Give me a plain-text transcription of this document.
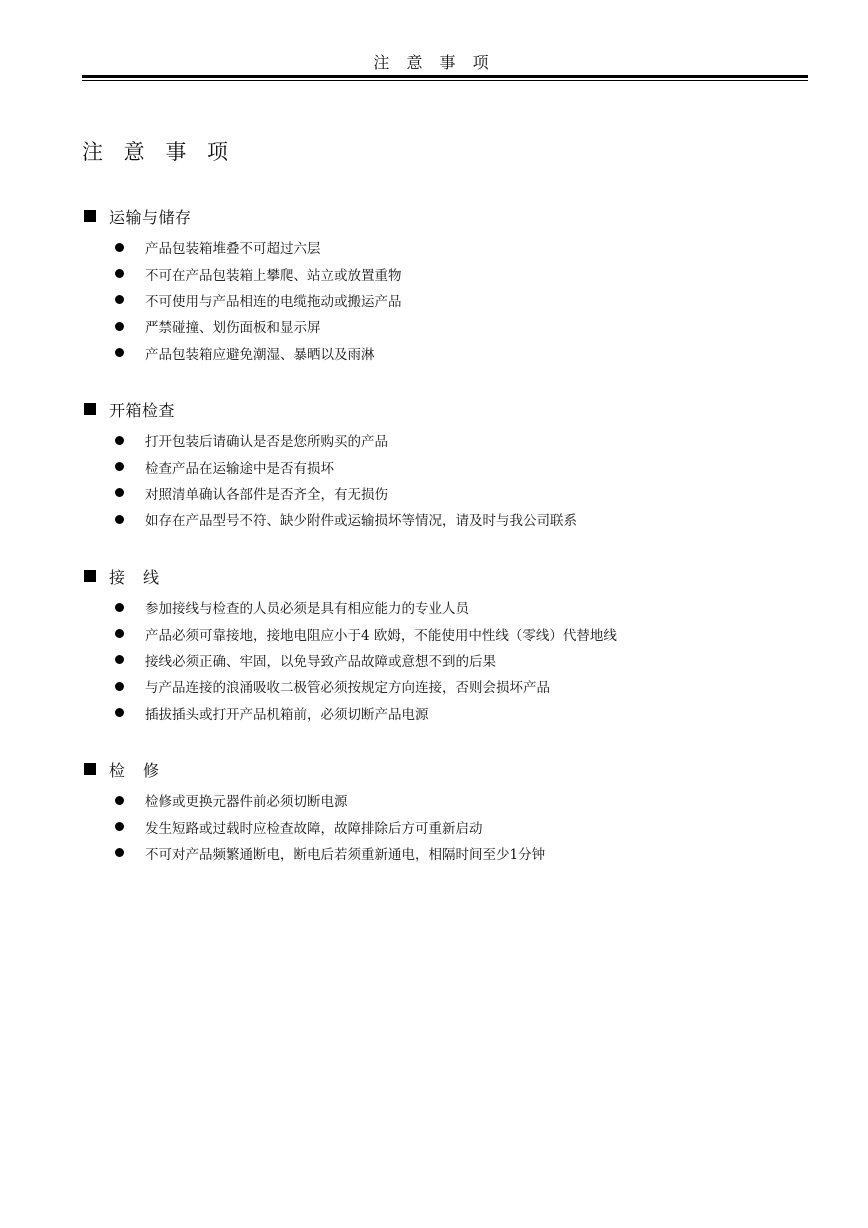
注 意 事 项
注 意 事 项
运输与储存
产品包装箱堆叠不可超过六层
不可在产品包装箱上攀爬、站立或放置重物
不可使用与产品相连的电缆拖动或搬运产品
严禁碰撞、划伤面板和显示屏
产品包装箱应避免潮湿、暴晒以及雨淋
开箱检查
打开包装后请确认是否是您所购买的产品
检查产品在运输途中是否有损坏
对照清单确认各部件是否齐全，有无损伤
如存在产品型号不符、缺少附件或运输损坏等情况，请及时与我公司联系
接线
参加接线与检查的人员必须是具有相应能力的专业人员
产品必须可靠接地，接地电阻应小于4 欧姆，不能使用中性线（零线）代替地线
接线必须正确、牢固，以免导致产品故障或意想不到的后果
与产品连接的浪涌吸收二极管必须按规定方向连接，否则会损坏产品
插拔插头或打开产品机箱前，必须切断产品电源
检修
检修或更换元器件前必须切断电源
发生短路或过载时应检查故障，故障排除后方可重新启动
不可对产品频繁通断电，断电后若须重新通电，相隔时间至少1分钟
